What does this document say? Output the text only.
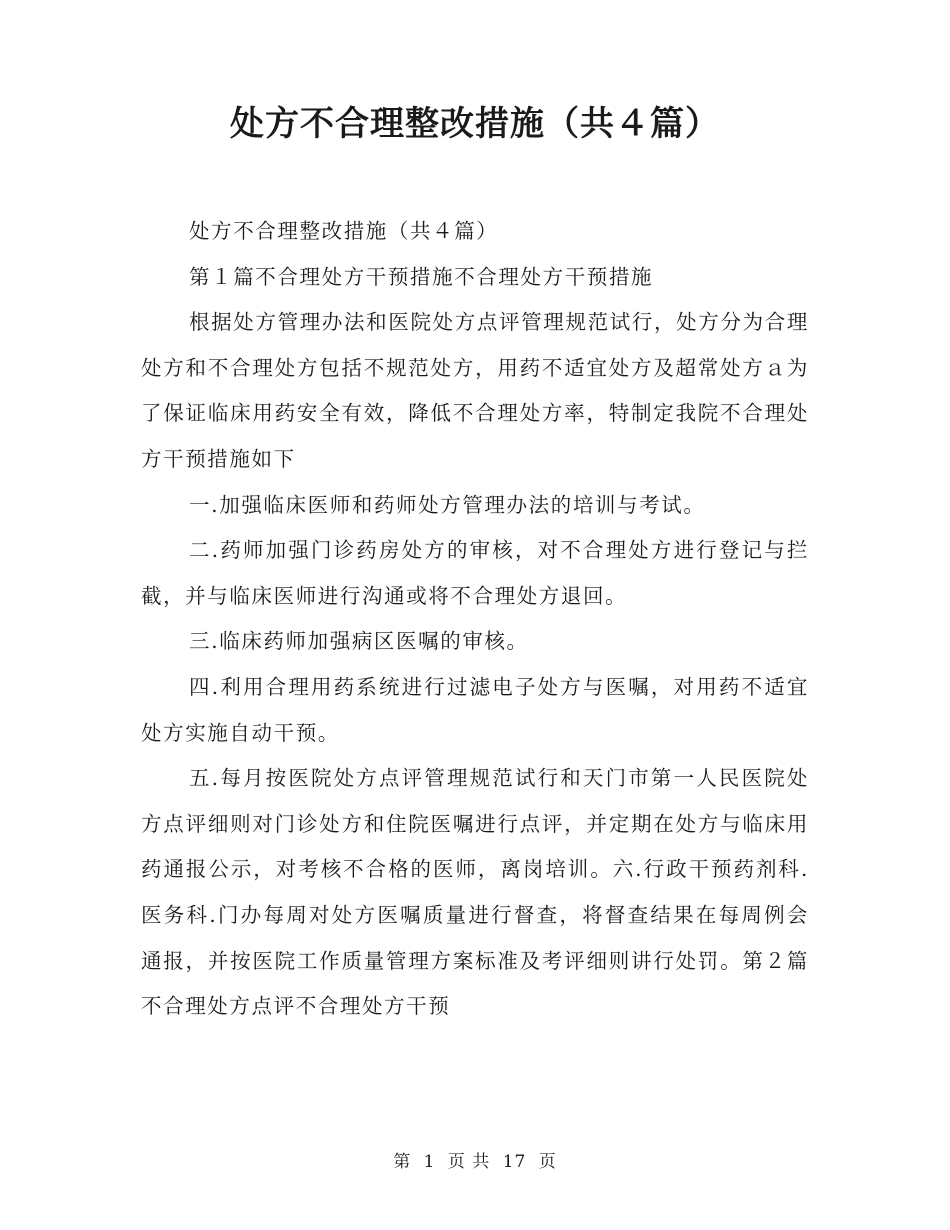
处方不合理整改措施（共４篇）

处方不合理整改措施（共４篇）

第１篇不合理处方干预措施不合理处方干预措施

根据处方管理办法和医院处方点评管理规范试行，处方分为合理处方和不合理处方包括不规范处方，用药不适宜处方及超常处方ａ为了保证临床用药安全有效，降低不合理处方率，特制定我院不合理处方干预措施如下

一.加强临床医师和药师处方管理办法的培训与考试。

二.药师加强门诊药房处方的审核，对不合理处方进行登记与拦截，并与临床医师进行沟通或将不合理处方退回。

三.临床药师加强病区医嘱的审核。

四.利用合理用药系统进行过滤电子处方与医嘱，对用药不适宜处方实施自动干预。

五.每月按医院处方点评管理规范试行和天门市第一人民医院处方点评细则对门诊处方和住院医嘱进行点评，并定期在处方与临床用药通报公示，对考核不合格的医师，离岗培训。六.行政干预药剂科.医务科.门办每周对处方医嘱质量进行督查，将督查结果在每周例会通报，并按医院工作质量管理方案标准及考评细则讲行处罚。第２篇不合理处方点评不合理处方干预

第 1 页 共 17 页
